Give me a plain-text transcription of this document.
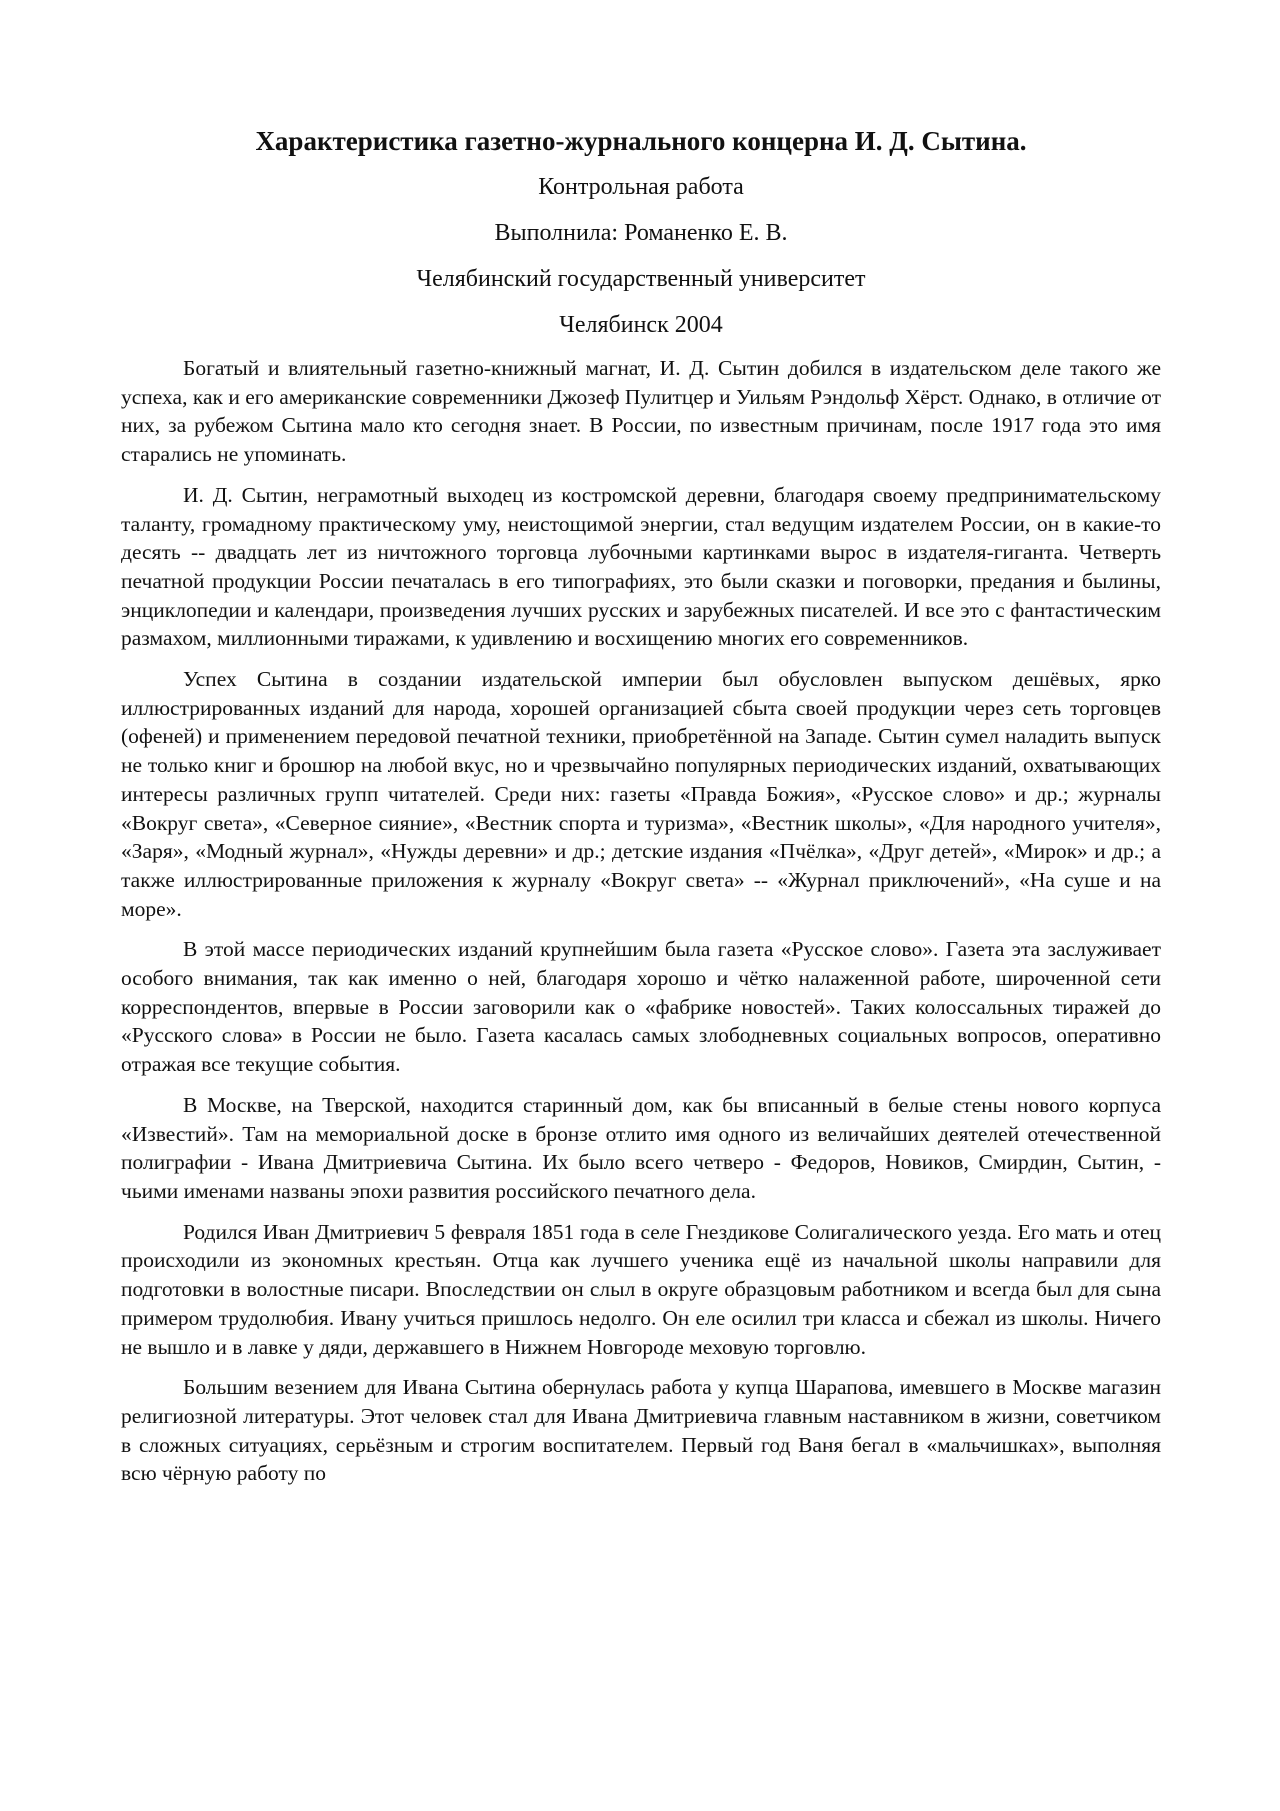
Характеристика газетно-журнального концерна И. Д. Сытина.
Контрольная работа
Выполнила: Романенко Е. В.
Челябинский государственный университет
Челябинск 2004

Богатый и влиятельный газетно-книжный магнат, И. Д. Сытин добился в издательском деле такого же успеха, как и его американские современники Джозеф Пулитцер и Уильям Рэндольф Хёрст. Однако, в отличие от них, за рубежом Сытина мало кто сегодня знает. В России, по известным причинам, после 1917 года это имя старались не упоминать.

И. Д. Сытин, неграмотный выходец из костромской деревни, благодаря своему предпринимательскому таланту, громадному практическому уму, неистощимой энергии, стал ведущим издателем России, он в какие-то десять -- двадцать лет из ничтожного торговца лубочными картинками вырос в издателя-гиганта. Четверть печатной продукции России печаталась в его типографиях, это были сказки и поговорки, предания и былины, энциклопедии и календари, произведения лучших русских и зарубежных писателей. И все это с фантастическим размахом, миллионными тиражами, к удивлению и восхищению многих его современников.

Успех Сытина в создании издательской империи был обусловлен выпуском дешёвых, ярко иллюстрированных изданий для народа, хорошей организацией сбыта своей продукции через сеть торговцев (офеней) и применением передовой печатной техники, приобретённой на Западе. Сытин сумел наладить выпуск не только книг и брошюр на любой вкус, но и чрезвычайно популярных периодических изданий, охватывающих интересы различных групп читателей. Среди них: газеты «Правда Божия», «Русское слово» и др.; журналы «Вокруг света», «Северное сияние», «Вестник спорта и туризма», «Вестник школы», «Для народного учителя», «Заря», «Модный журнал», «Нужды деревни» и др.; детские издания «Пчёлка», «Друг детей», «Мирок» и др.; а также иллюстрированные приложения к журналу «Вокруг света» -- «Журнал приключений», «На суше и на море».

В этой массе периодических изданий крупнейшим была газета «Русское слово». Газета эта заслуживает особого внимания, так как именно о ней, благодаря хорошо и чётко налаженной работе, широченной сети корреспондентов, впервые в России заговорили как о «фабрике новостей». Таких колоссальных тиражей до «Русского слова» в России не было. Газета касалась самых злободневных социальных вопросов, оперативно отражая все текущие события.

В Москве, на Тверской, находится старинный дом, как бы вписанный в белые стены нового корпуса «Известий». Там на мемориальной доске в бронзе отлито имя одного из величайших деятелей отечественной полиграфии - Ивана Дмитриевича Сытина. Их было всего четверо - Федоров, Новиков, Смирдин, Сытин, - чьими именами названы эпохи развития российского печатного дела.

Родился Иван Дмитриевич 5 февраля 1851 года в селе Гнездикове Солигалического уезда. Его мать и отец происходили из экономных крестьян. Отца как лучшего ученика ещё из начальной школы направили для подготовки в волостные писари. Впоследствии он слыл в округе образцовым работником и всегда был для сына примером трудолюбия. Ивану учиться пришлось недолго. Он еле осилил три класса и сбежал из школы. Ничего не вышло и в лавке у дяди, державшего в Нижнем Новгороде меховую торговлю.

Большим везением для Ивана Сытина обернулась работа у купца Шарапова, имевшего в Москве магазин религиозной литературы. Этот человек стал для Ивана Дмитриевича главным наставником в жизни, советчиком в сложных ситуациях, серьёзным и строгим воспитателем. Первый год Ваня бегал в «мальчишках», выполняя всю чёрную работу по
